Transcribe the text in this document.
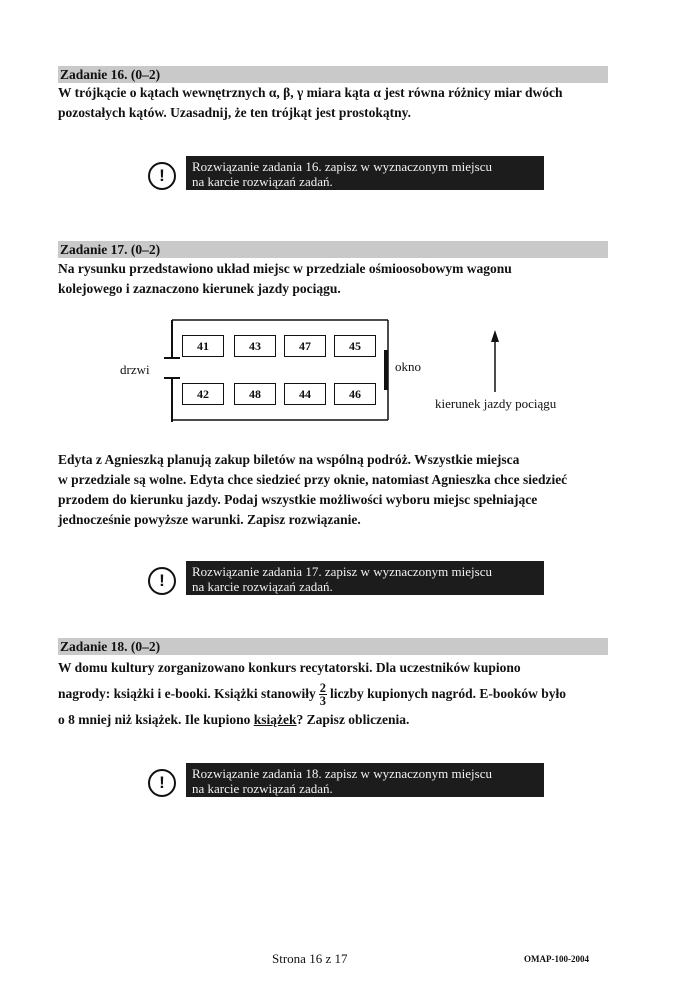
Zadanie 16. (0–2)

W trójkącie o kątach wewnętrznych α, β, γ miara kąta α jest równa różnicy miar dwóch

pozostałych kątów. Uzasadnij, że ten trójkąt jest prostokątny.

!	Rozwiązanie zadania 16. zapisz w wyznaczonym miejscu
na karcie rozwiązań zadań.
Zadanie 17. (0–2)

Na rysunku przedstawiono układ miejsc w przedziale ośmioosobowym wagonu

kolejowego i zaznaczono kierunek jazdy pociągu.

41	43	47	45
42	48	44	46
drzwi	okno
kierunek jazdy pociągu

Edyta z Agnieszką planują zakup biletów na wspólną podróż. Wszystkie miejsca

w przedziale są wolne. Edyta chce siedzieć przy oknie, natomiast Agnieszka chce siedzieć

przodem do kierunku jazdy. Podaj wszystkie możliwości wyboru miejsc spełniające

jednocześnie powyższe warunki. Zapisz rozwiązanie.

!	Rozwiązanie zadania 17. zapisz w wyznaczonym miejscu
na karcie rozwiązań zadań.
Zadanie 18. (0–2)

W domu kultury zorganizowano konkurs recytatorski. Dla uczestników kupiono

nagrody: książki i e-booki. Książki stanowiły $\frac{2}{3}$ liczby kupionych nagród. E-booków było

o 8 mniej niż książek. Ile kupiono książek? Zapisz obliczenia.

!	Rozwiązanie zadania 18. zapisz w wyznaczonym miejscu
na karcie rozwiązań zadań.
Strona 16 z 17	OMAP-100-2004
